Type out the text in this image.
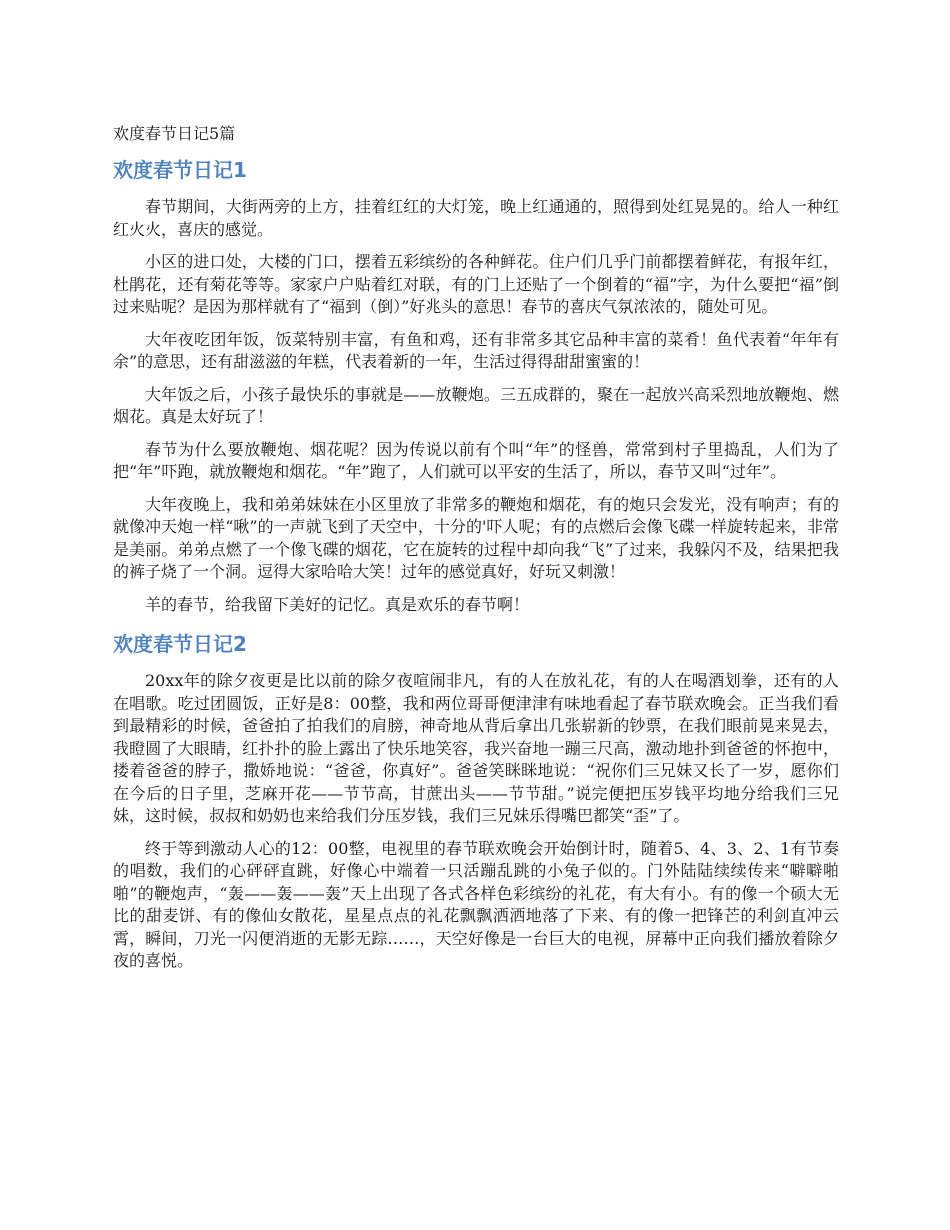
欢度春节日记5篇
欢度春节日记1

春节期间，大街两旁的上方，挂着红红的大灯笼，晚上红通通的，照得到处红晃晃的。给人一种红红火火，喜庆的感觉。

小区的进口处，大楼的门口，摆着五彩缤纷的各种鲜花。住户们几乎门前都摆着鲜花，有报年红，杜鹃花，还有菊花等等。家家户户贴着红对联，有的门上还贴了一个倒着的“福”字，为什么要把“福”倒过来贴呢？是因为那样就有了“福到（倒）”好兆头的意思！春节的喜庆气氛浓浓的，随处可见。

大年夜吃团年饭，饭菜特别丰富，有鱼和鸡，还有非常多其它品种丰富的菜肴！鱼代表着“年年有余”的意思，还有甜滋滋的年糕，代表着新的一年，生活过得得甜甜蜜蜜的！

大年饭之后，小孩子最快乐的事就是——放鞭炮。三五成群的，聚在一起放兴高采烈地放鞭炮、燃烟花。真是太好玩了！

春节为什么要放鞭炮、烟花呢？因为传说以前有个叫“年”的怪兽，常常到村子里捣乱，人们为了把“年”吓跑，就放鞭炮和烟花。“年”跑了，人们就可以平安的生活了，所以，春节又叫“过年”。

大年夜晚上，我和弟弟妹妹在小区里放了非常多的鞭炮和烟花，有的炮只会发光，没有响声；有的就像冲天炮一样“啾”的一声就飞到了天空中，十分的'吓人呢；有的点燃后会像飞碟一样旋转起来，非常是美丽。弟弟点燃了一个像飞碟的烟花，它在旋转的过程中却向我“飞”了过来，我躲闪不及，结果把我的裤子烧了一个洞。逗得大家哈哈大笑！过年的感觉真好，好玩又刺激！

羊的春节，给我留下美好的记忆。真是欢乐的春节啊！

欢度春节日记2

20xx年的除夕夜更是比以前的除夕夜喧闹非凡，有的人在放礼花，有的人在喝酒划拳，还有的人在唱歌。吃过团圆饭，正好是8：00整，我和两位哥哥便津津有味地看起了春节联欢晚会。正当我们看到最精彩的时候，爸爸拍了拍我们的肩膀，神奇地从背后拿出几张崭新的钞票，在我们眼前晃来晃去，我瞪圆了大眼睛，红扑扑的脸上露出了快乐地笑容，我兴奋地一蹦三尺高，激动地扑到爸爸的怀抱中，搂着爸爸的脖子，撒娇地说：“爸爸，你真好”。爸爸笑眯眯地说：“祝你们三兄妹又长了一岁，愿你们在今后的日子里，芝麻开花——节节高，甘蔗出头——节节甜。”说完便把压岁钱平均地分给我们三兄妹，这时候，叔叔和奶奶也来给我们分压岁钱，我们三兄妹乐得嘴巴都笑“歪”了。

终于等到激动人心的12：00整，电视里的春节联欢晚会开始倒计时，随着5、4、3、2、1有节奏的唱数，我们的心砰砰直跳，好像心中端着一只活蹦乱跳的小兔子似的。门外陆陆续续传来“噼噼啪啪”的鞭炮声，“轰——轰——轰”天上出现了各式各样色彩缤纷的礼花，有大有小。有的像一个硕大无比的甜麦饼、有的像仙女散花，星星点点的礼花飘飘洒洒地落了下来、有的像一把锋芒的利剑直冲云霄，瞬间，刀光一闪便消逝的无影无踪……，天空好像是一台巨大的电视，屏幕中正向我们播放着除夕夜的喜悦。
